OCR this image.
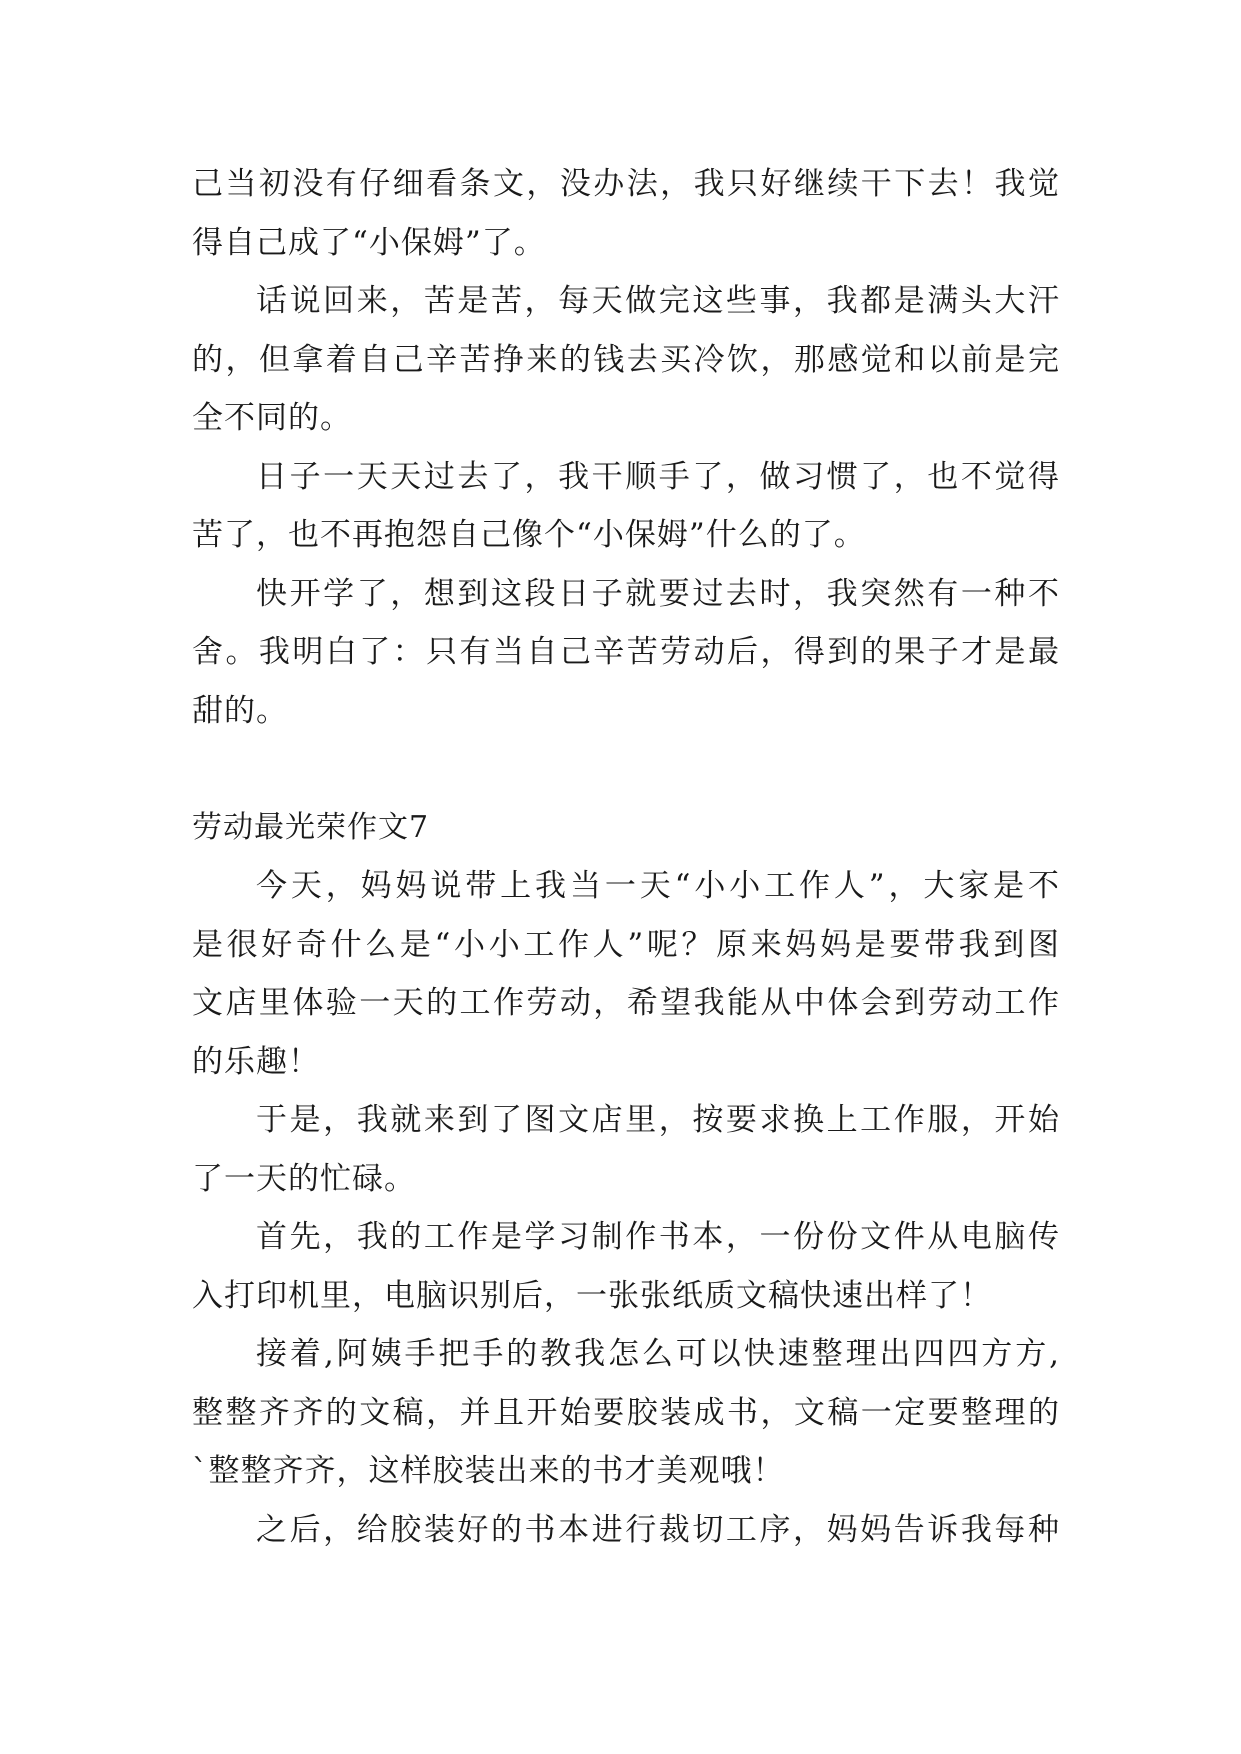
己当初没有仔细看条文，没办法，我只好继续干下去！我觉
得自己成了“小保姆”了。
话说回来，苦是苦，每天做完这些事，我都是满头大汗
的，但拿着自己辛苦挣来的钱去买冷饮，那感觉和以前是完
全不同的。
日子一天天过去了，我干顺手了，做习惯了，也不觉得
苦了，也不再抱怨自己像个“小保姆”什么的了。
快开学了，想到这段日子就要过去时，我突然有一种不
舍。我明白了：只有当自己辛苦劳动后，得到的果子才是最
甜的。
劳动最光荣作文7
今天，妈妈说带上我当一天“小小工作人”，大家是不
是很好奇什么是“小小工作人”呢？原来妈妈是要带我到图
文店里体验一天的工作劳动，希望我能从中体会到劳动工作
的乐趣！
于是，我就来到了图文店里，按要求换上工作服，开始
了一天的忙碌。
首先，我的工作是学习制作书本，一份份文件从电脑传
入打印机里，电脑识别后，一张张纸质文稿快速出样了！
接着,阿姨手把手的教我怎么可以快速整理出四四方方,
整整齐齐的文稿，并且开始要胶装成书，文稿一定要整理的
`整整齐齐，这样胶装出来的书才美观哦！
之后，给胶装好的书本进行裁切工序，妈妈告诉我每种
